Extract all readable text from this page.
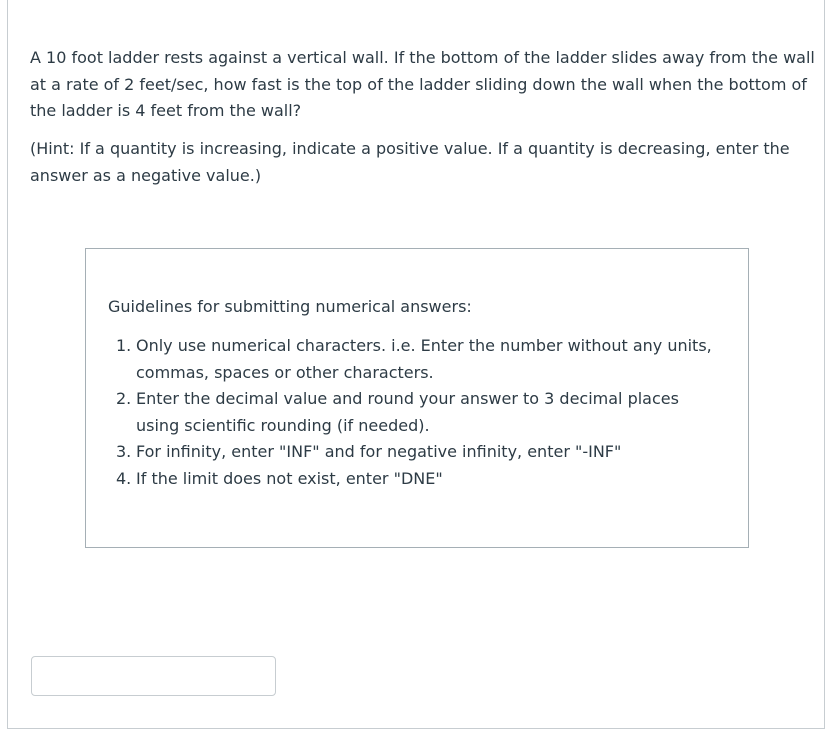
A 10 foot ladder rests against a vertical wall. If the bottom of the ladder slides away from the wall at a rate of 2 feet/sec, how fast is the top of the ladder sliding down the wall when the bottom of the ladder is 4 feet from the wall?

(Hint: If a quantity is increasing, indicate a positive value. If a quantity is decreasing, enter the answer as a negative value.)

Guidelines for submitting numerical answers:

1. Only use numerical characters. i.e. Enter the number without any units, commas, spaces or other characters.
2. Enter the decimal value and round your answer to 3 decimal places using scientific rounding (if needed).
3. For infinity, enter "INF" and for negative infinity, enter "-INF"
4. If the limit does not exist, enter "DNE"
